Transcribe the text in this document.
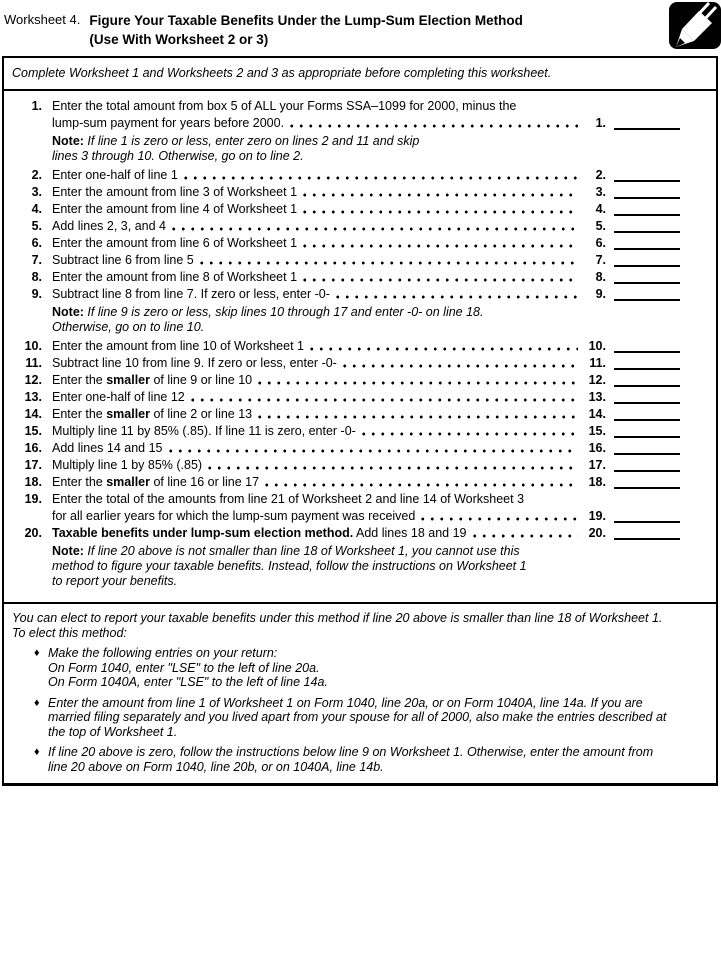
Worksheet 4. Figure Your Taxable Benefits Under the Lump-Sum Election Method
(Use With Worksheet 2 or 3)
Complete Worksheet 1 and Worksheets 2 and 3 as appropriate before completing this worksheet.
1. Enter the total amount from box 5 of ALL your Forms SSA–1099 for 2000, minus the
lump-sum payment for years before 2000.	1.
Note: If line 1 is zero or less, enter zero on lines 2 and 11 and skip
lines 3 through 10. Otherwise, go on to line 2.
2. Enter one-half of line 1	2.
3. Enter the amount from line 3 of Worksheet 1	3.
4. Enter the amount from line 4 of Worksheet 1	4.
5. Add lines 2, 3, and 4	5.
6. Enter the amount from line 6 of Worksheet 1	6.
7. Subtract line 6 from line 5	7.
8. Enter the amount from line 8 of Worksheet 1	8.
9. Subtract line 8 from line 7. If zero or less, enter -0-	9.
Note: If line 9 is zero or less, skip lines 10 through 17 and enter -0- on line 18.
Otherwise, go on to line 10.
10. Enter the amount from line 10 of Worksheet 1	10.
11. Subtract line 10 from line 9. If zero or less, enter -0-	11.
12. Enter the smaller of line 9 or line 10	12.
13. Enter one-half of line 12	13.
14. Enter the smaller of line 2 or line 13	14.
15. Multiply line 11 by 85% (.85). If line 11 is zero, enter -0-	15.
16. Add lines 14 and 15	16.
17. Multiply line 1 by 85% (.85)	17.
18. Enter the smaller of line 16 or line 17	18.
19. Enter the total of the amounts from line 21 of Worksheet 2 and line 14 of Worksheet 3
for all earlier years for which the lump-sum payment was received	19.
20. Taxable benefits under lump-sum election method. Add lines 18 and 19	20.
Note: If line 20 above is not smaller than line 18 of Worksheet 1, you cannot use this
method to figure your taxable benefits. Instead, follow the instructions on Worksheet 1
to report your benefits.
You can elect to report your taxable benefits under this method if line 20 above is smaller than line 18 of Worksheet 1.
To elect this method:
♦ Make the following entries on your return:
On Form 1040, enter "LSE" to the left of line 20a.
On Form 1040A, enter "LSE" to the left of line 14a.
♦ Enter the amount from line 1 of Worksheet 1 on Form 1040, line 20a, or on Form 1040A, line 14a. If you are
married filing separately and you lived apart from your spouse for all of 2000, also make the entries described at
the top of Worksheet 1.
♦ If line 20 above is zero, follow the instructions below line 9 on Worksheet 1. Otherwise, enter the amount from
line 20 above on Form 1040, line 20b, or on 1040A, line 14b.
